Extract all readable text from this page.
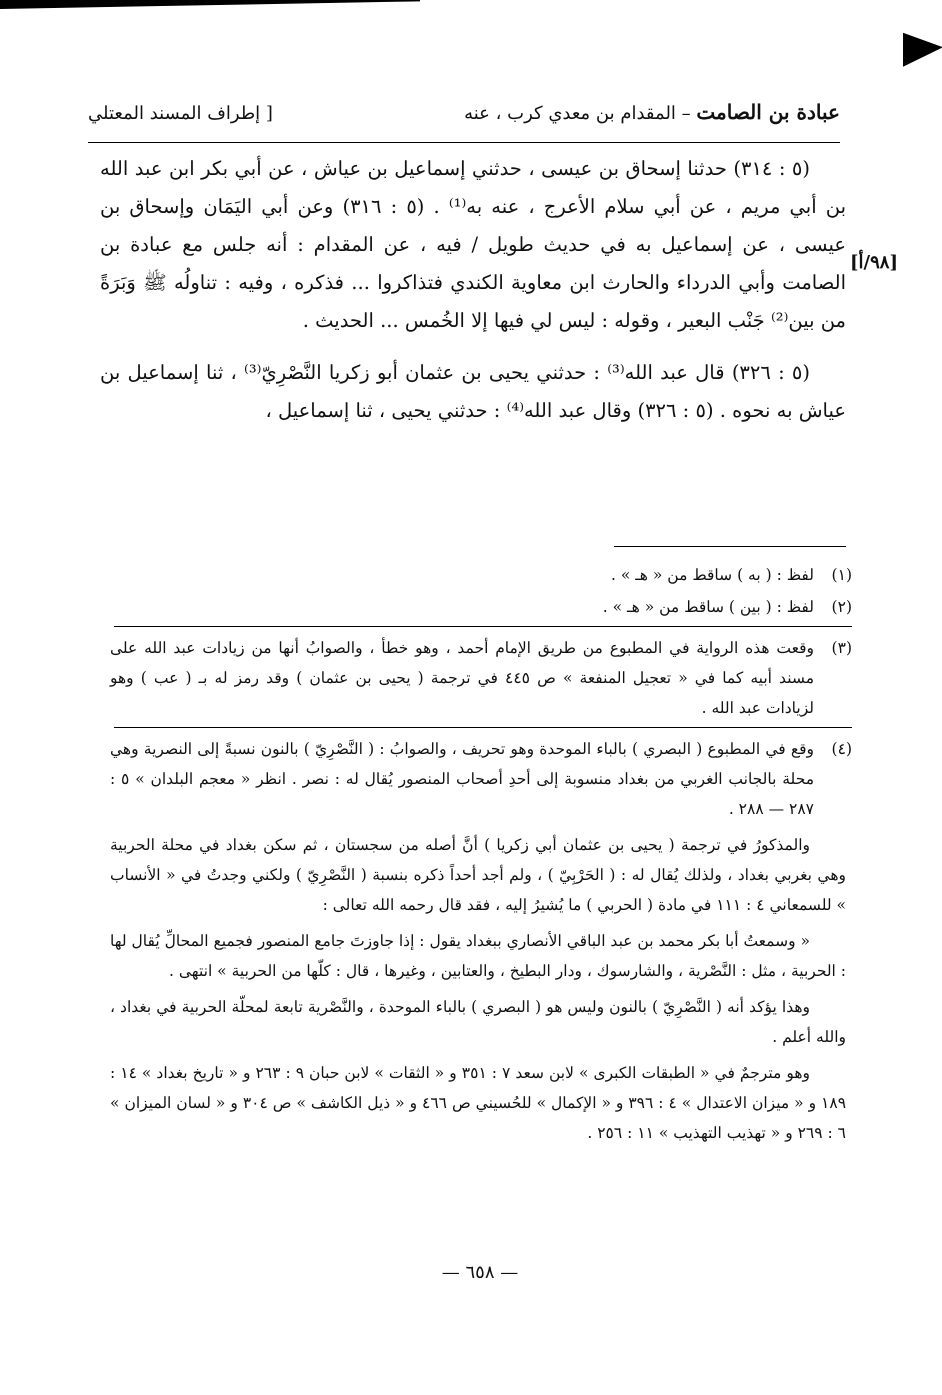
عبادة بن الصامت – المقدام بن معدي كرب ، عنه
[ إطراف المسند المعتلي
[٩٨/أ]

(٥ : ٣١٤) حدثنا إسحاق بن عيسى ، حدثني إسماعيل بن عياش ، عن أبي بكر ابن عبد الله بن أبي مريم ، عن أبي سلام الأعرج ، عنه به⁽¹⁾ . (٥ : ٣١٦) وعن أبي اليَمَان وإسحاق بن عيسى ، عن إسماعيل به في حديث طويل / فيه ، عن المقدام : أنه جلس مع عبادة بن الصامت وأبي الدرداء والحارث ابن معاوية الكندي فتذاكروا ... فذكره ، وفيه : تناولُه ﷺ وَبَرَةً من بين⁽²⁾ جَنْب البعير ، وقوله : ليس لي فيها إلا الخُمس ... الحديث .

(٥ : ٣٢٦) قال عبد الله⁽³⁾ : حدثني يحيى بن عثمان أبو زكريا النَّصْرِيّ⁽³⁾ ، ثنا إسماعيل بن عياش به نحوه . (٥ : ٣٢٦) وقال عبد الله⁽⁴⁾ : حدثني يحيى ، ثنا إسماعيل ،

(١)
لفظ : ( به ) ساقط من « هـ » .
(٢)
لفظ : ( بين ) ساقط من « هـ » .
(٣)
وقعت هذه الرواية في المطبوع من طريق الإمام أحمد ، وهو خطأ ، والصوابُ أنها من زيادات عبد الله على مسند أبيه كما في « تعجيل المنفعة » ص ٤٤٥ في ترجمة ( يحيى بن عثمان ) وقد رمز له بـ ( عب ) وهو لزيادات عبد الله .
(٤)
وقع في المطبوع ( البصري ) بالباء الموحدة وهو تحريف ، والصوابُ : ( النَّصْرِيّ ) بالنون نسبةً إلى النصرية وهي محلة بالجانب الغربي من بغداد منسوبة إلى أحدِ أصحاب المنصور يُقال له : نصر . انظر « معجم البلدان » ٥ : ٢٨٧ — ٢٨٨ .

والمذكورُ في ترجمة ( يحيى بن عثمان أبي زكريا ) أنَّ أصله من سجستان ، ثم سكن بغداد في محلة الحربية وهي بغربي بغداد ، ولذلك يُقال له : ( الحَرْبِيّ ) ، ولم أجد أحداً ذكره بنسبة ( النَّصْرِيّ ) ولكني وجدتُ في « الأنساب » للسمعاني ٤ : ١١١ في مادة ( الحربي ) ما يُشيرُ إليه ، فقد قال رحمه الله تعالى :

« وسمعتُ أبا بكر محمد بن عبد الباقي الأنصاري ببغداد يقول : إذا جاوزتَ جامع المنصور فجميع المحالِّ يُقال لها : الحربية ، مثل : النَّصْرية ، والشارسوك ، ودار البطيخ ، والعتابين ، وغيرها ، قال : كلّها من الحربية » انتهى .

وهذا يؤكد أنه ( النَّصْرِيّ ) بالنون وليس هو ( البصري ) بالباء الموحدة ، والنَّصْرية تابعة لمحلّة الحربية في بغداد ، والله أعلم .

وهو مترجمٌ في « الطبقات الكبرى » لابن سعد ٧ : ٣٥١ و « الثقات » لابن حبان ٩ : ٢٦٣ و « تاريخ بغداد » ١٤ : ١٨٩ و « ميزان الاعتدال » ٤ : ٣٩٦ و « الإكمال » للحُسيني ص ٤٦٦ و « ذيل الكاشف » ص ٣٠٤ و « لسان الميزان » ٦ : ٢٦٩ و « تهذيب التهذيب » ١١ : ٢٥٦ .

— ٦٥٨ —
